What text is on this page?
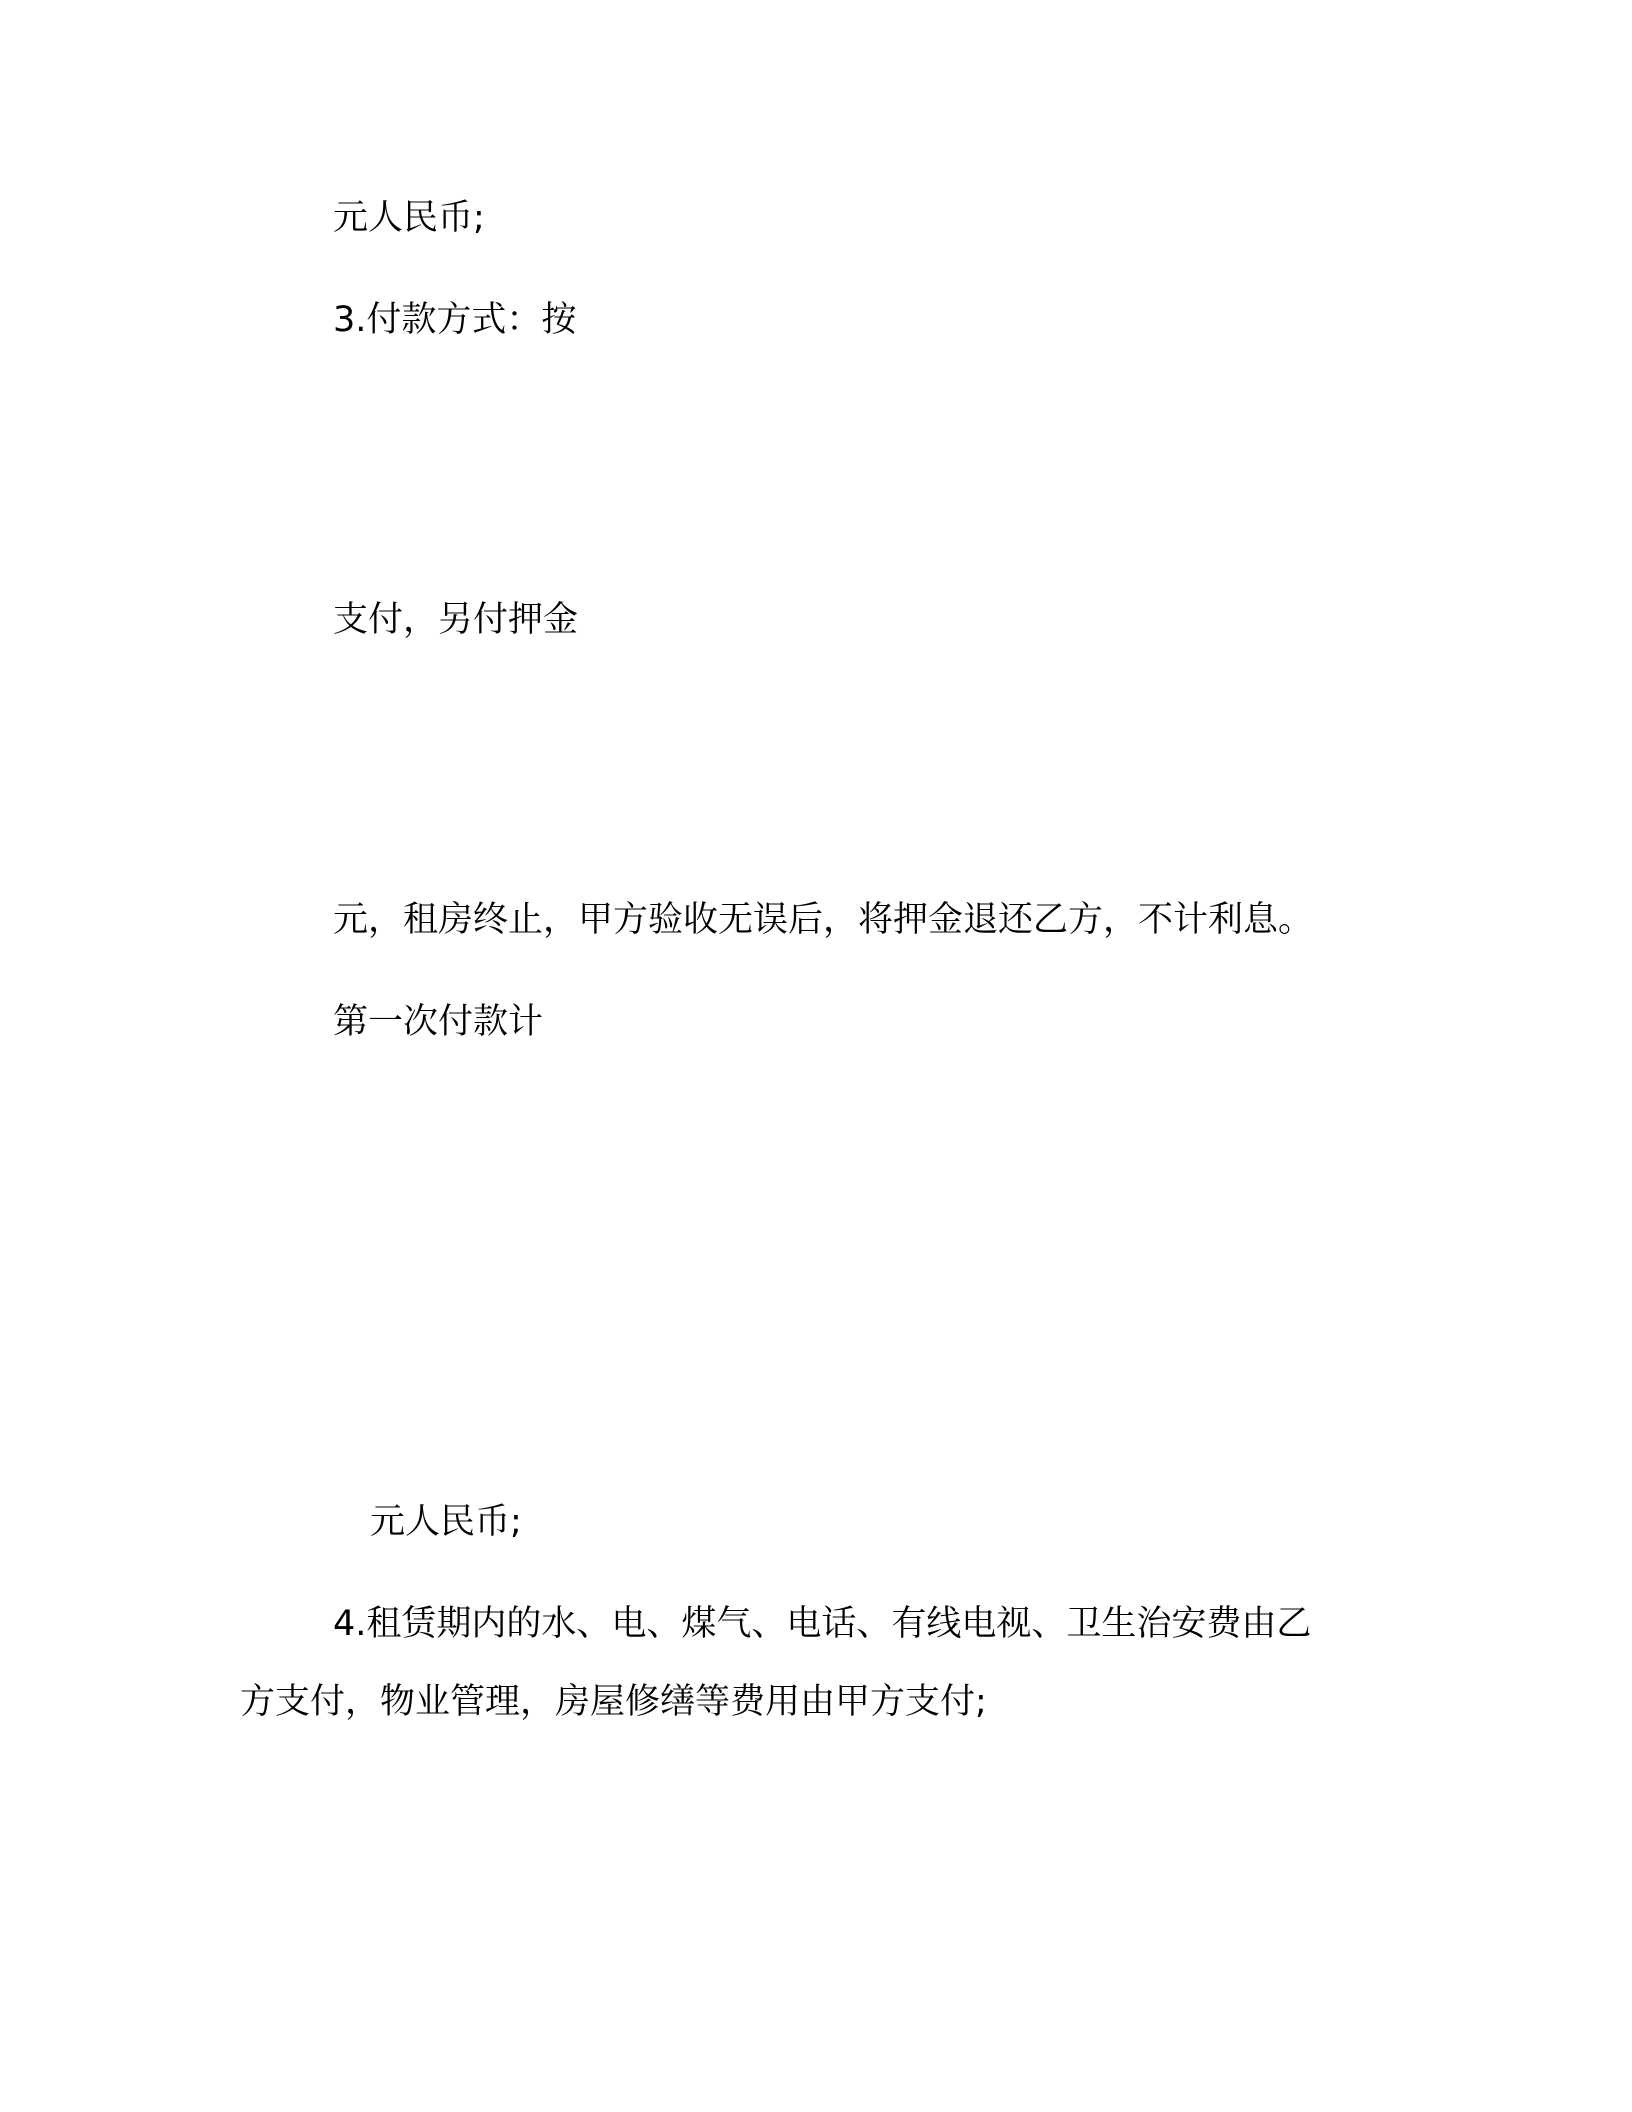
元人民币;

3.付款方式：按

支付，另付押金

元，租房终止，甲方验收无误后，将押金退还乙方，不计利息。

第一次付款计

元人民币;

4.租赁期内的水、电、煤气、电话、有线电视、卫生治安费由乙

方支付，物业管理，房屋修缮等费用由甲方支付;
